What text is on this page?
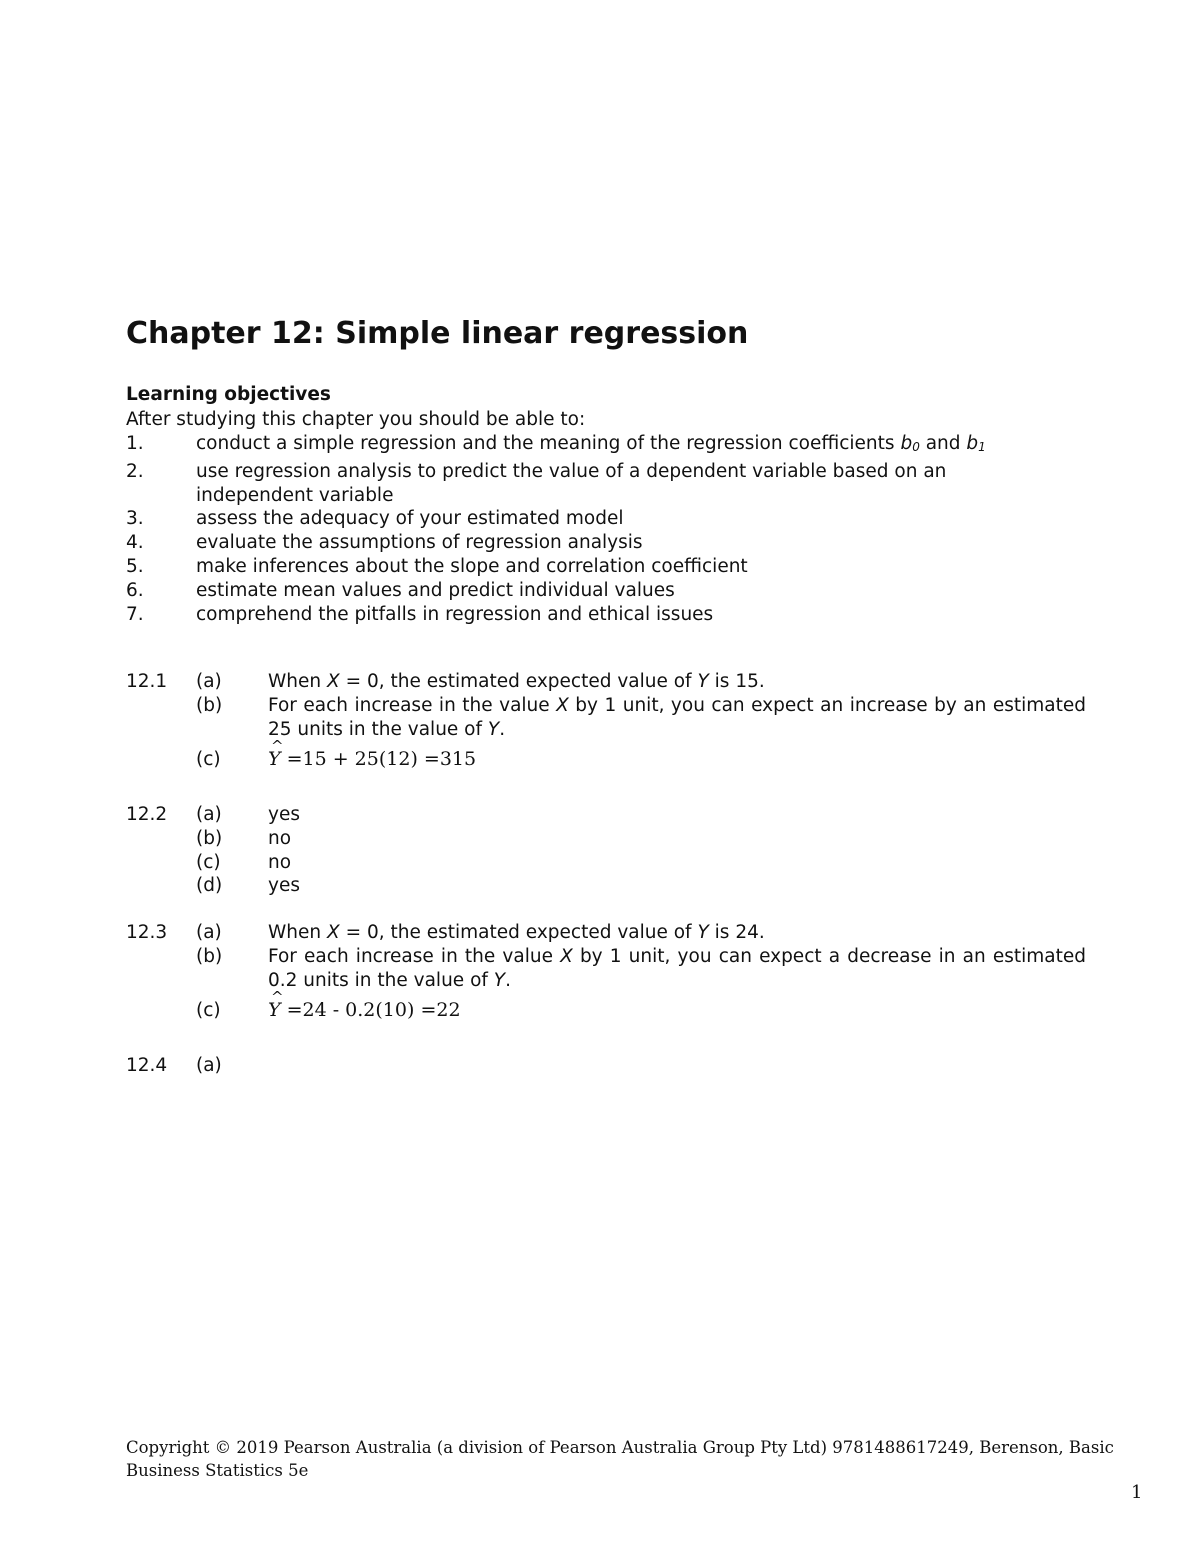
Chapter 12: Simple linear regression
Learning objectives
After studying this chapter you should be able to:
1.	conduct a simple regression and the meaning of the regression coefficients b0 and b1
2.	use regression analysis to predict the value of a dependent variable based on an independent variable
3.	assess the adequacy of your estimated model
4.	evaluate the assumptions of regression analysis
5.	make inferences about the slope and correlation coefficient
6.	estimate mean values and predict individual values
7.	comprehend the pitfalls in regression and ethical issues
12.1	(a)	When X = 0, the estimated expected value of Y is 15.
(b)	For each increase in the value X by 1 unit, you can expect an increase by an estimated 25 units in the value of Y.
(c)	Y ^ =15 + 25(12) =315
12.2	(a)	yes
(b)	no
(c)	no
(d)	yes
12.3	(a)	When X = 0, the estimated expected value of Y is 24.
(b)	For each increase in the value X by 1 unit, you can expect a decrease in an estimated 0.2 units in the value of Y.
(c)	Y ^ =24 - 0.2(10) =22
12.4	(a)
Copyright © 2019 Pearson Australia (a division of Pearson Australia Group Pty Ltd) 9781488617249, Berenson, Basic Business Statistics 5e
1
